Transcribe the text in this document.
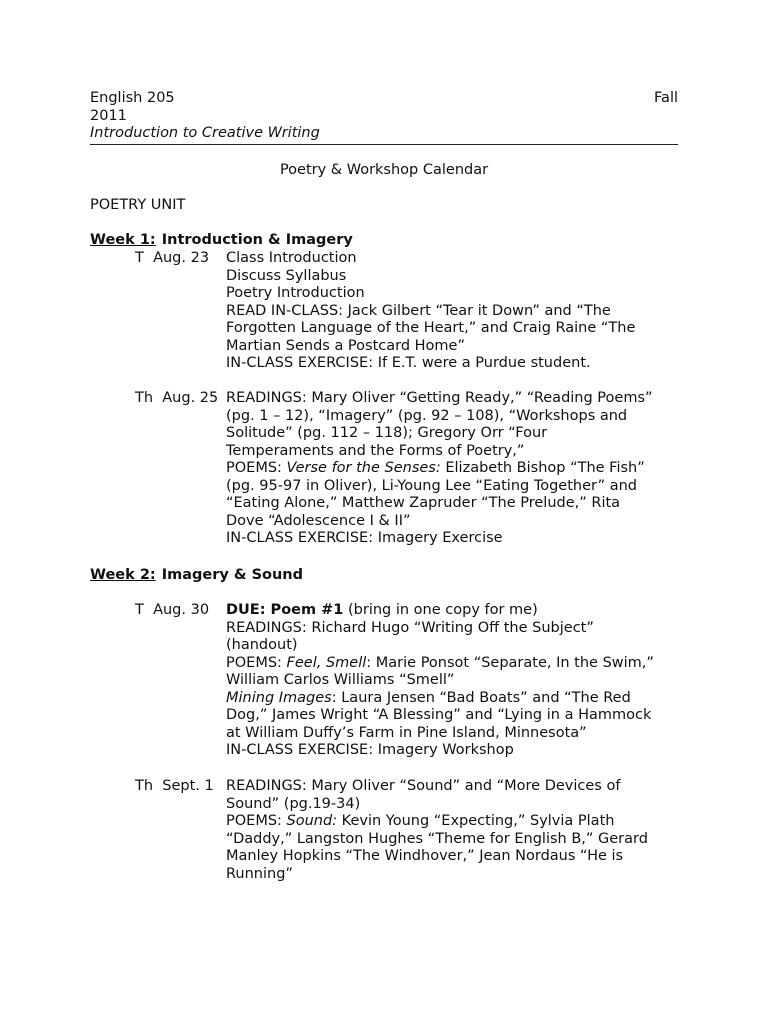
English 205	Fall
2011
Introduction to Creative Writing
Poetry & Workshop Calendar
POETRY UNIT
Week 1: Introduction & Imagery
T  Aug. 23 Class Introduction
Discuss Syllabus
Poetry Introduction
READ IN-CLASS: Jack Gilbert “Tear it Down” and “The
Forgotten Language of the Heart,” and Craig Raine “The
Martian Sends a Postcard Home”
IN-CLASS EXERCISE: If E.T. were a Purdue student.
Th  Aug. 25 READINGS: Mary Oliver “Getting Ready,” “Reading Poems”
(pg. 1 – 12), “Imagery” (pg. 92 – 108), “Workshops and
Solitude” (pg. 112 – 118); Gregory Orr “Four
Temperaments and the Forms of Poetry,”
POEMS: Verse for the Senses: Elizabeth Bishop “The Fish”
(pg. 95-97 in Oliver), Li-Young Lee “Eating Together” and
“Eating Alone,” Matthew Zapruder “The Prelude,” Rita
Dove “Adolescence I & II”
IN-CLASS EXERCISE: Imagery Exercise
Week 2: Imagery & Sound
T  Aug. 30 DUE: Poem #1 (bring in one copy for me)
READINGS: Richard Hugo “Writing Off the Subject”
(handout)
POEMS: Feel, Smell: Marie Ponsot “Separate, In the Swim,”
William Carlos Williams “Smell”
Mining Images: Laura Jensen “Bad Boats” and “The Red
Dog,” James Wright “A Blessing” and “Lying in a Hammock
at William Duffy’s Farm in Pine Island, Minnesota”
IN-CLASS EXERCISE: Imagery Workshop
Th  Sept. 1 READINGS: Mary Oliver “Sound” and “More Devices of
Sound” (pg.19-34)
POEMS: Sound: Kevin Young “Expecting,” Sylvia Plath
“Daddy,” Langston Hughes “Theme for English B,” Gerard
Manley Hopkins “The Windhover,” Jean Nordaus “He is
Running”
